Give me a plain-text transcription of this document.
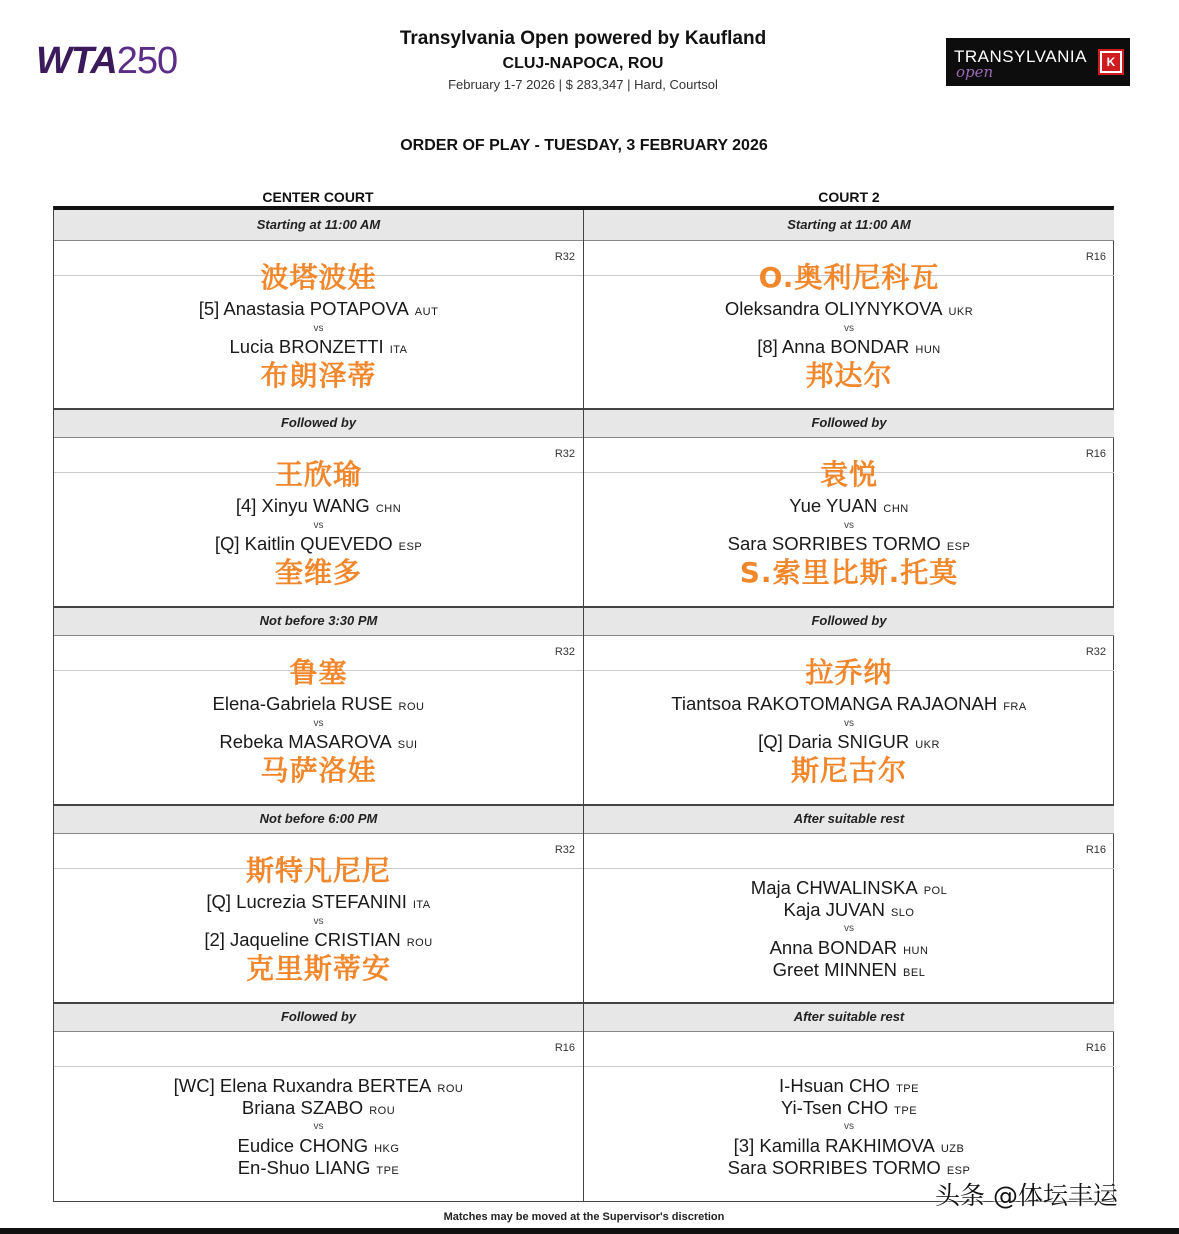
WTA250
Transylvania Open powered by Kaufland
CLUJ-NAPOCA, ROU
February 1-7 2026 | $ 283,347 | Hard, Courtsol
TRANSYLVANIA
open
K
ORDER OF PLAY - TUESDAY, 3 FEBRUARY 2026
CENTER COURT	COURT 2
Starting at 11:00 AM
R32
波塔波娃
[5] Anastasia POTAPOVA AUT
vs
Lucia BRONZETTI ITA
布朗泽蒂
Followed by
R32
王欣瑜
[4] Xinyu WANG CHN
vs
[Q] Kaitlin QUEVEDO ESP
奎维多
Not before 3:30 PM
R32
鲁塞
Elena-Gabriela RUSE ROU
vs
Rebeka MASAROVA SUI
马萨洛娃
Not before 6:00 PM
R32
斯特凡尼尼
[Q] Lucrezia STEFANINI ITA
vs
[2] Jaqueline CRISTIAN ROU
克里斯蒂安
Followed by
R16
[WC] Elena Ruxandra BERTEA ROU
Briana SZABO ROU
vs
Eudice CHONG HKG
En-Shuo LIANG TPE
Starting at 11:00 AM
R16
O.奥利尼科瓦
Oleksandra OLIYNYKOVA UKR
vs
[8] Anna BONDAR HUN
邦达尔
Followed by
R16
袁悦
Yue YUAN CHN
vs
Sara SORRIBES TORMO ESP
S.索里比斯.托莫
Followed by
R32
拉乔纳
Tiantsoa RAKOTOMANGA RAJAONAH FRA
vs
[Q] Daria SNIGUR UKR
斯尼古尔
After suitable rest
R16
Maja CHWALINSKA POL
Kaja JUVAN SLO
vs
Anna BONDAR HUN
Greet MINNEN BEL
After suitable rest
R16
I-Hsuan CHO TPE
Yi-Tsen CHO TPE
vs
[3] Kamilla RAKHIMOVA UZB
Sara SORRIBES TORMO ESP
Matches may be moved at the Supervisor's discretion
头条 @体坛丰运
